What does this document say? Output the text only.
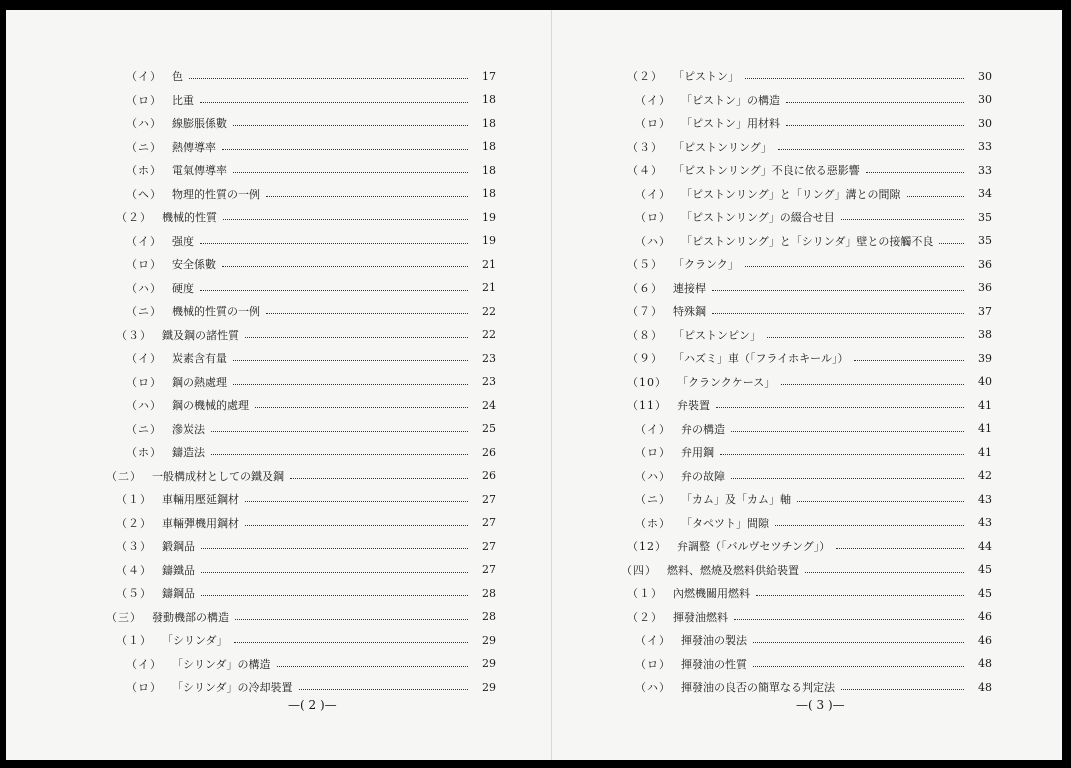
（イ） 色	17
（ロ） 比重	18
（ハ） 線膨脹係數	18
（ニ） 熱傳導率	18
（ホ） 電氣傳導率	18
（ヘ） 物理的性質の一例	18
（２） 機械的性質	19
（イ） 强度	19
（ロ） 安全係數	21
（ハ） 硬度	21
（ニ） 機械的性質の一例	22
（３） 鐵及鋼の諸性質	22
（イ） 炭素含有量	23
（ロ） 鋼の熱處理	23
（ハ） 鋼の機械的處理	24
（ニ） 滲炭法	25
（ホ） 鑄造法	26
（二） 一般構成材としての鐵及鋼	26
（１） 車輛用壓延鋼材	27
（２） 車輛彈機用鋼材	27
（３） 鍛鋼品	27
（４） 鑄鐵品	27
（５） 鑄鋼品	28
（三） 發動機部の構造	28
（１） 「シリンダ」	29
（イ） 「シリンダ」の構造	29
（ロ） 「シリンダ」の冷却裝置	29
—( 2 )—
（２） 「ピストン」	30
（イ） 「ピストン」の構造	30
（ロ） 「ピストン」用材料	30
（３） 「ピストンリング」	33
（４） 「ピストンリング」不良に依る惡影響	33
（イ） 「ピストンリング」と「リング」溝との間隙	34
（ロ） 「ピストンリング」の綴合せ目	35
（ハ） 「ピストンリング」と「シリンダ」壁との接觸不良	35
（５） 「クランク」	36
（６） 連接桿	36
（７） 特殊鋼	37
（８） 「ピストンピン」	38
（９） 「ハズミ」車（「フライホキール」）	39
（10） 「クランクケース」	40
（11） 弁裝置	41
（イ） 弁の構造	41
（ロ） 弁用鋼	41
（ハ） 弁の故障	42
（ニ） 「カム」及「カム」軸	43
（ホ） 「タペツト」間隙	43
（12） 弁調整（「バルヴセツチング」）	44
（四） 燃料、燃燒及燃料供給裝置	45
（１） 內燃機關用燃料	45
（２） 揮發油燃料	46
（イ） 揮發油の製法	46
（ロ） 揮發油の性質	48
（ハ） 揮發油の良否の簡單なる判定法	48
—( 3 )—
